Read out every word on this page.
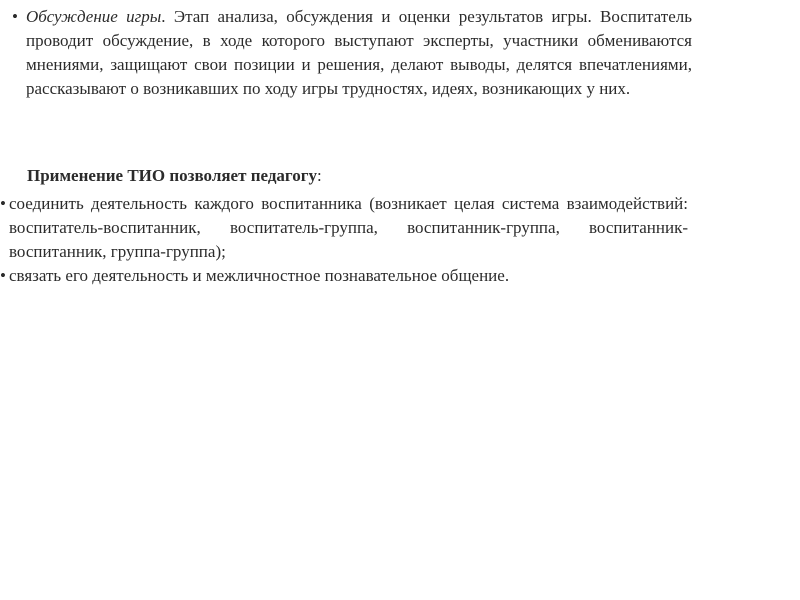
• Обсуждение игры. Этап анализа, обсуждения и оценки результатов игры. Воспитатель проводит обсуждение, в ходе которого выступают эксперты, участники обмениваются мнениями, защищают свои позиции и решения, делают выводы, делятся впечатлениями, рассказывают о возникавших по ходу игры трудностях, идеях, возникающих у них.
Применение ТИО позволяет педагогу:
• соединить деятельность каждого воспитанника (возникает целая система взаимодействий: воспитатель-воспитанник, воспитатель-группа, воспитанник-группа, воспитанник-воспитанник, группа-группа);
• связать его деятельность и межличностное познавательное общение.
